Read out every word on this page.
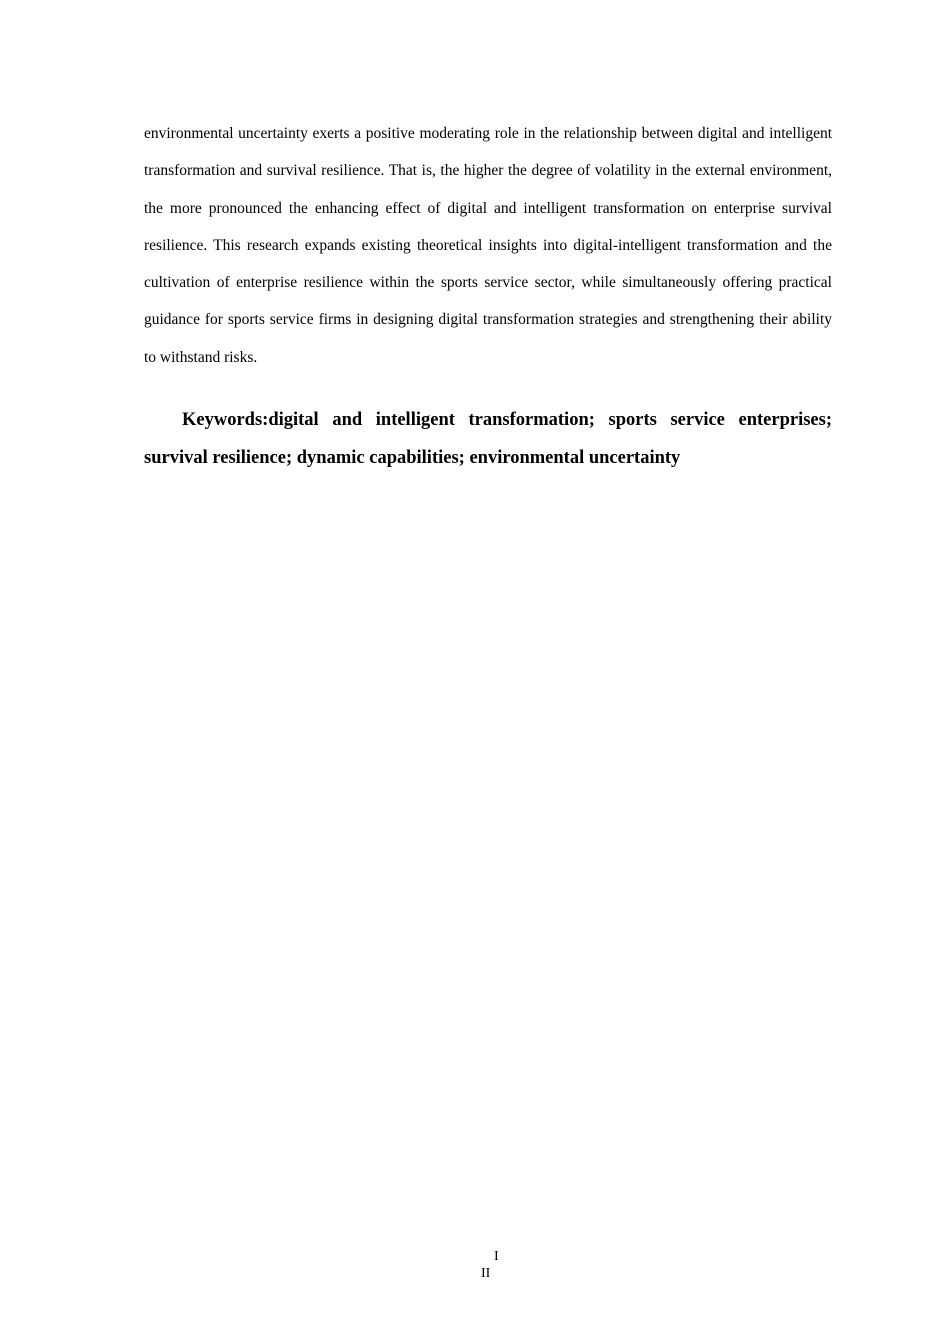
environmental uncertainty exerts a positive moderating role in the relationship between digital and intelligent transformation and survival resilience. That is, the higher the degree of volatility in the external environment, the more pronounced the enhancing effect of digital and intelligent transformation on enterprise survival resilience. This research expands existing theoretical insights into digital-intelligent transformation and the cultivation of enterprise resilience within the sports service sector, while simultaneously offering practical guidance for sports service firms in designing digital transformation strategies and strengthening their ability to withstand risks.

Keywords:digital and intelligent transformation; sports service enterprises; survival resilience; dynamic capabilities; environmental uncertainty

I
II
